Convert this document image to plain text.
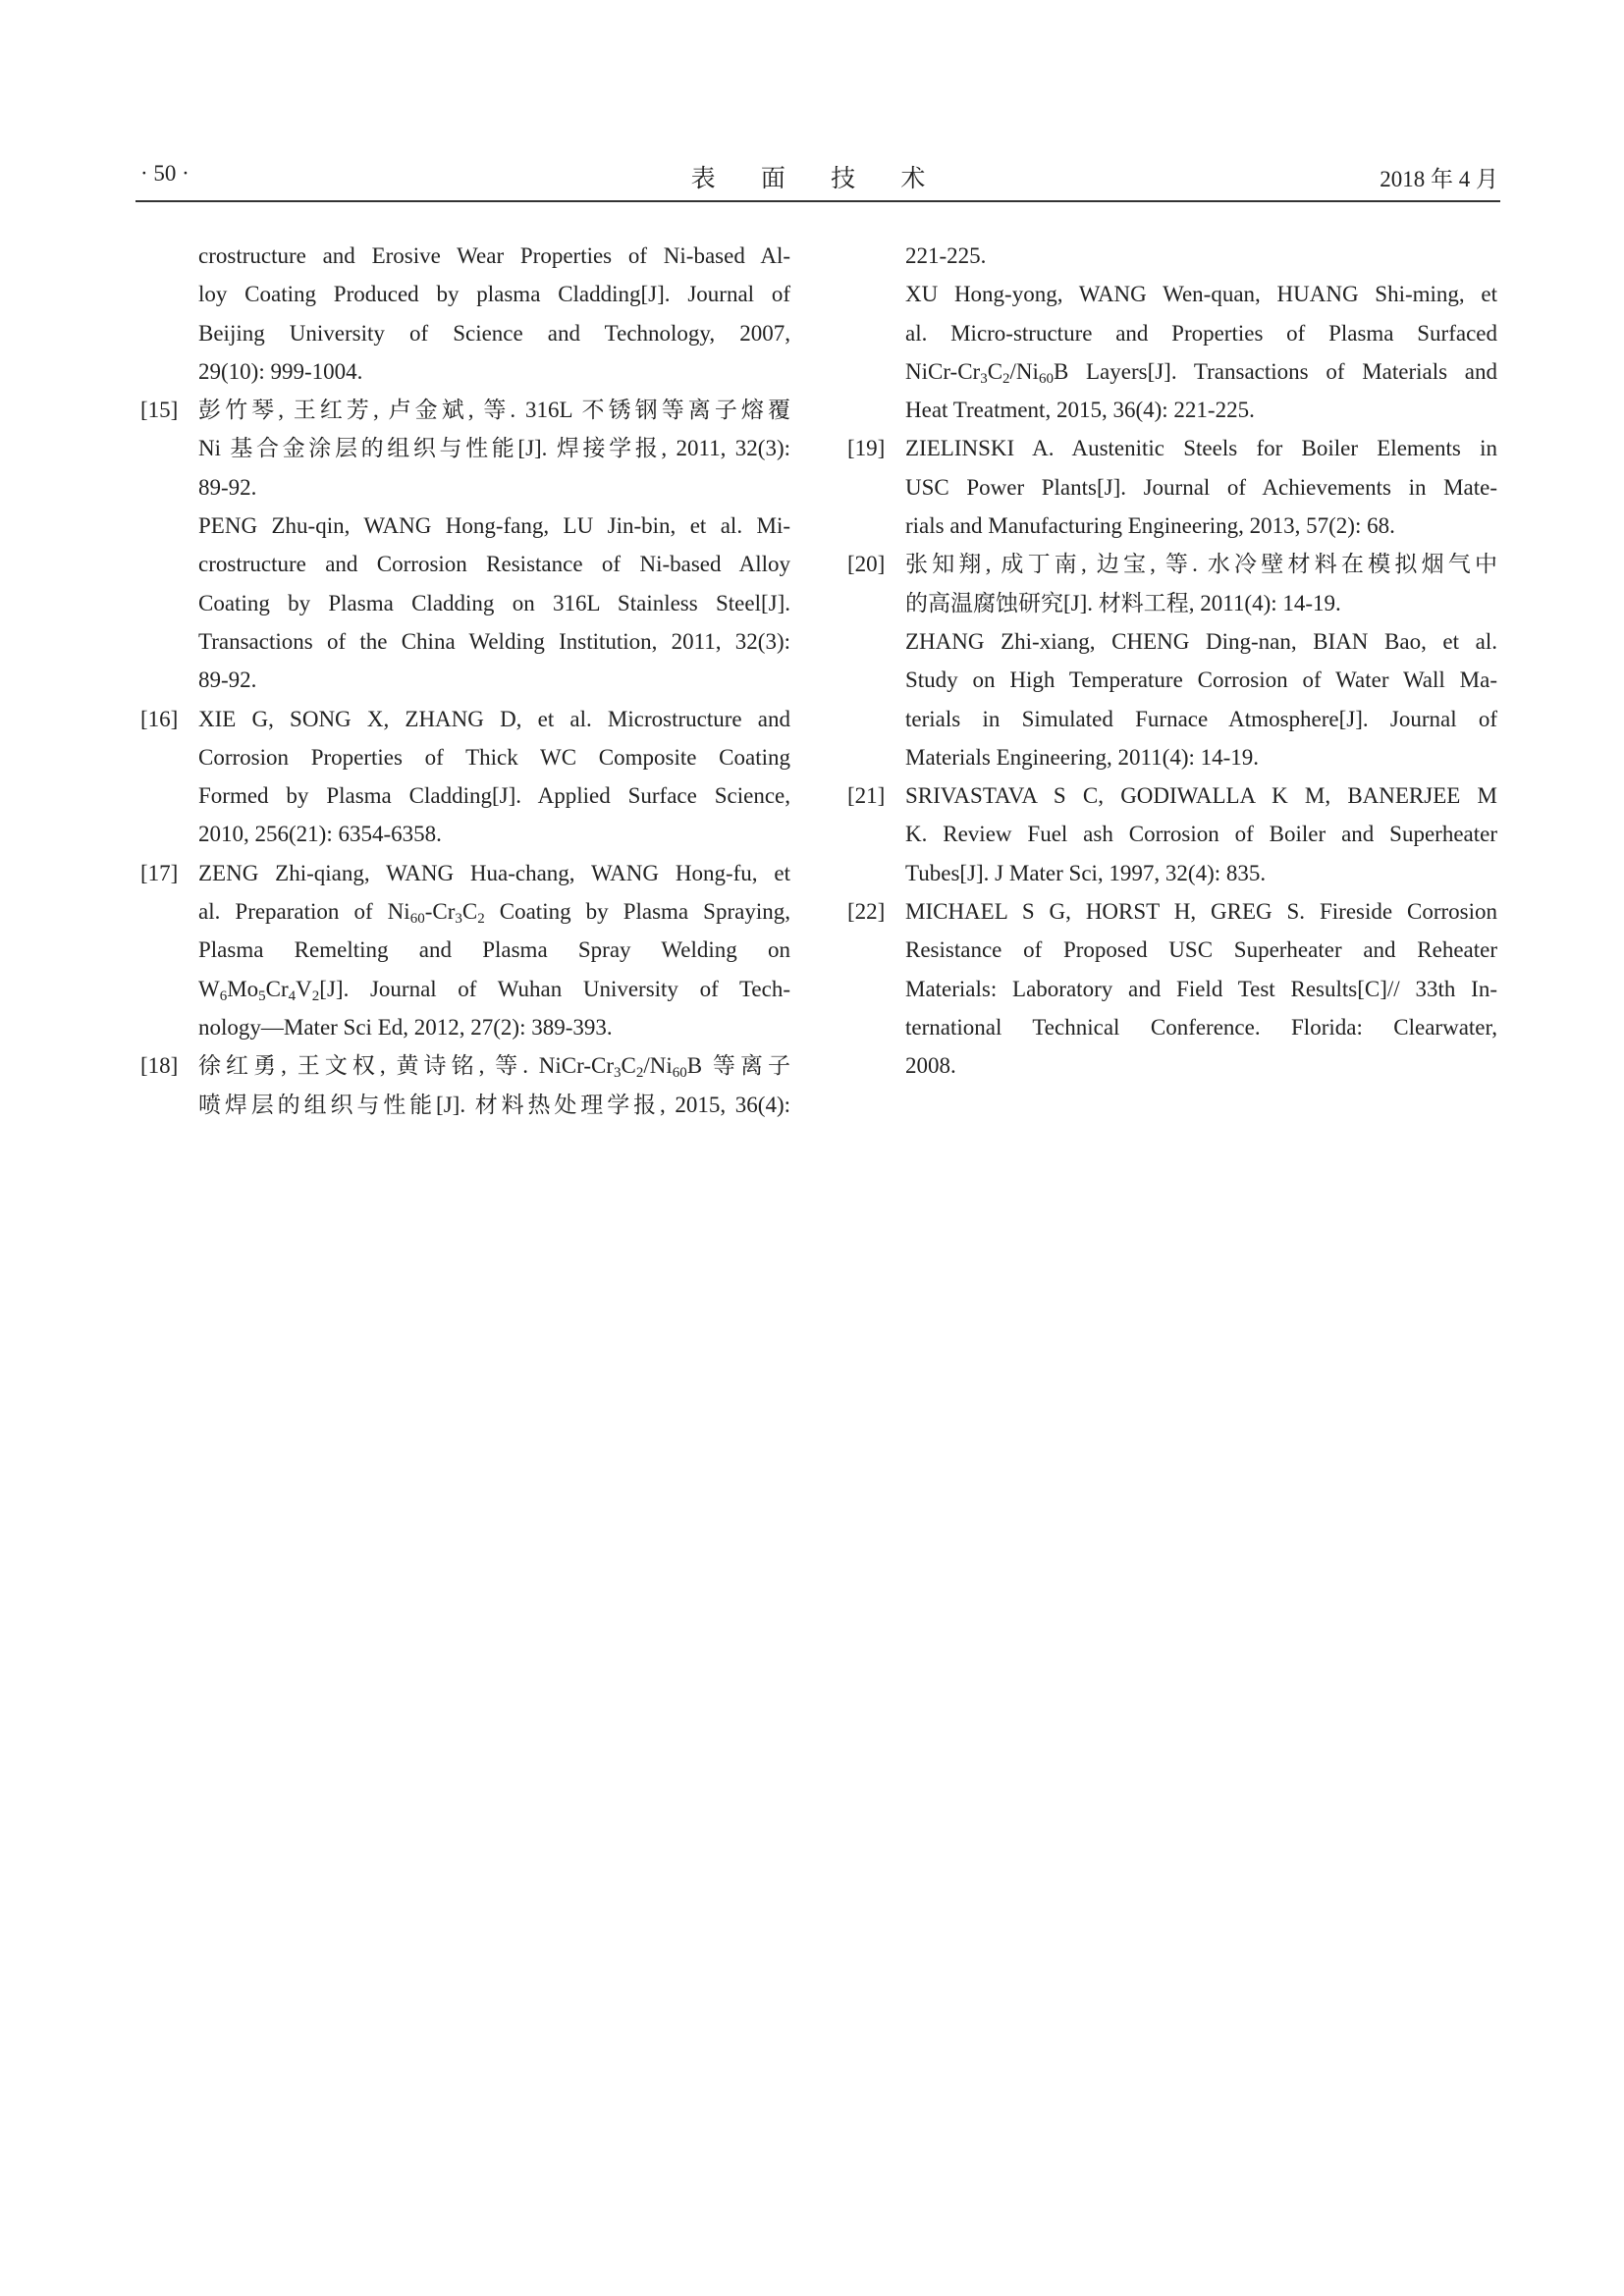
· 50 ·	表 面 技 术	2018 年 4 月
crostructure and Erosive Wear Properties of Ni-based Al-
loy Coating Produced by plasma Cladding[J]. Journal of
Beijing University of Science and Technology, 2007,
29(10): 999-1004.
[15] 彭竹琴, 王红芳, 卢金斌, 等. 316L 不锈钢等离子熔覆
Ni 基合金涂层的组织与性能[J]. 焊接学报, 2011, 32(3):
89-92.
PENG Zhu-qin, WANG Hong-fang, LU Jin-bin, et al. Mi-
crostructure and Corrosion Resistance of Ni-based Alloy
Coating by Plasma Cladding on 316L Stainless Steel[J].
Transactions of the China Welding Institution, 2011, 32(3):
89-92.
[16] XIE G, SONG X, ZHANG D, et al. Microstructure and
Corrosion Properties of Thick WC Composite Coating
Formed by Plasma Cladding[J]. Applied Surface Science,
2010, 256(21): 6354-6358.
[17] ZENG Zhi-qiang, WANG Hua-chang, WANG Hong-fu, et
al. Preparation of $Ni_{60}-Cr_3C_2$ Coating by Plasma Spraying,
Plasma Remelting and Plasma Spray Welding on
$W_6Mo_5Cr_4V_2[J]$. Journal of Wuhan University of Tech-
nology—Mater Sci Ed, 2012, 27(2): 389-393.
[18] 徐红勇, 王文权, 黄诗铭, 等. NiCr-$Cr_3C_2/Ni_{60}B$ 等离子
喷焊层的组织与性能[J]. 材料热处理学报, 2015, 36(4):
221-225.
XU Hong-yong, WANG Wen-quan, HUANG Shi-ming, et
al. Micro-structure and Properties of Plasma Surfaced
NiCr-$Cr_3C_2/Ni_{60}B$ Layers[J]. Transactions of Materials and
Heat Treatment, 2015, 36(4): 221-225.
[19] ZIELINSKI A. Austenitic Steels for Boiler Elements in
USC Power Plants[J]. Journal of Achievements in Mate-
rials and Manufacturing Engineering, 2013, 57(2): 68.
[20] 张知翔, 成丁南, 边宝, 等. 水冷壁材料在模拟烟气中
的高温腐蚀研究[J]. 材料工程, 2011(4): 14-19.
ZHANG Zhi-xiang, CHENG Ding-nan, BIAN Bao, et al.
Study on High Temperature Corrosion of Water Wall Ma-
terials in Simulated Furnace Atmosphere[J]. Journal of
Materials Engineering, 2011(4): 14-19.
[21] SRIVASTAVA S C, GODIWALLA K M, BANERJEE M
K. Review Fuel ash Corrosion of Boiler and Superheater
Tubes[J]. J Mater Sci, 1997, 32(4): 835.
[22] MICHAEL S G, HORST H, GREG S. Fireside Corrosion
Resistance of Proposed USC Superheater and Reheater
Materials: Laboratory and Field Test Results[C]// 33th In-
ternational Technical Conference. Florida: Clearwater,
2008.
